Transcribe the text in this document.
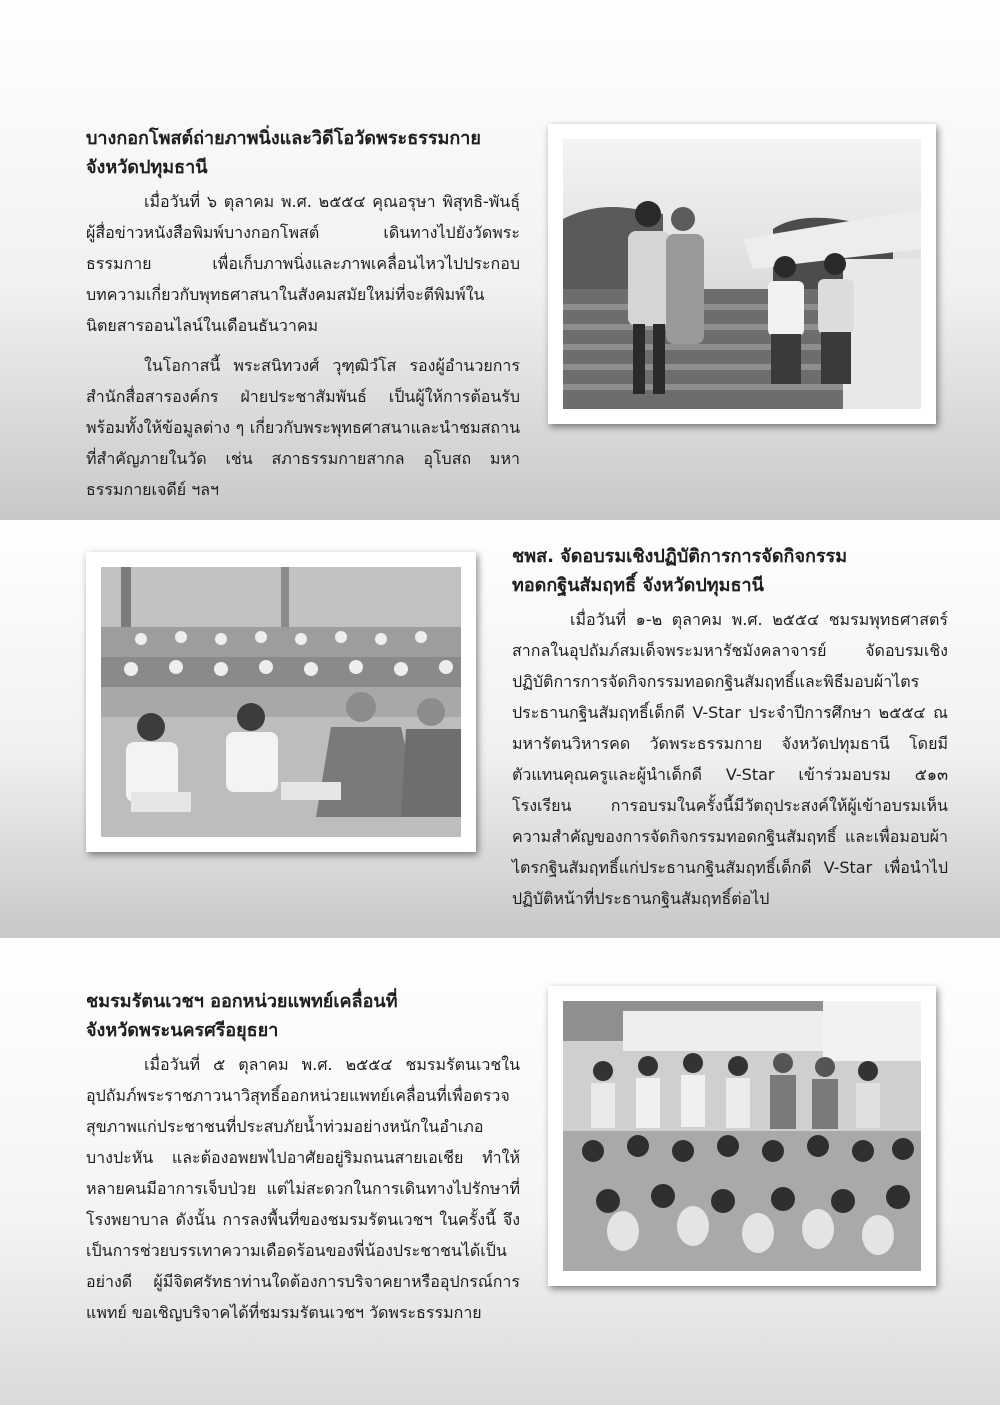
บางกอกโพสต์ถ่ายภาพนิ่งและวิดีโอวัดพระธรรมกาย
จังหวัดปทุมธานี

เมื่อวันที่ ๖ ตุลาคม พ.ศ. ๒๕๕๔ คุณอรุษา พิสุทธิ-พันธุ์ ผู้สื่อข่าวหนังสือพิมพ์บางกอกโพสต์ เดินทางไปยังวัดพระธรรมกาย เพื่อเก็บภาพนิ่งและภาพเคลื่อนไหวไปประกอบบทความเกี่ยวกับพุทธศาสนาในสังคมสมัยใหม่ที่จะตีพิมพ์ในนิตยสารออนไลน์ในเดือนธันวาคม

ในโอกาสนี้ พระสนิทวงศ์ วุฑฺฒิวํโส รองผู้อำนวยการสำนักสื่อสารองค์กร ฝ่ายประชาสัมพันธ์ เป็นผู้ให้การต้อนรับ พร้อมทั้งให้ข้อมูลต่าง ๆ เกี่ยวกับพระพุทธศาสนาและนำชมสถานที่สำคัญภายในวัด เช่น สภาธรรมกายสากล อุโบสถ มหาธรรมกายเจดีย์ ฯลฯ

ชพส. จัดอบรมเชิงปฏิบัติการการจัดกิจกรรม
ทอดกฐินสัมฤทธิ์ จังหวัดปทุมธานี

เมื่อวันที่ ๑-๒ ตุลาคม พ.ศ. ๒๕๕๔ ชมรมพุทธศาสตร์สากลในอุปถัมภ์สมเด็จพระมหารัชมังคลาจารย์ จัดอบรมเชิงปฏิบัติการการจัดกิจกรรมทอดกฐินสัมฤทธิ์และพิธีมอบผ้าไตรประธานกฐินสัมฤทธิ์เด็กดี V-Star ประจำปีการศึกษา ๒๕๕๔ ณ มหารัตนวิหารคด วัดพระธรรมกาย จังหวัดปทุมธานี โดยมีตัวแทนคุณครูและผู้นำเด็กดี V-Star เข้าร่วมอบรม ๕๑๓ โรงเรียน การอบรมในครั้งนี้มีวัตถุประสงค์ให้ผู้เข้าอบรมเห็นความสำคัญของการจัดกิจกรรมทอดกฐินสัมฤทธิ์ และเพื่อมอบผ้าไตรกฐินสัมฤทธิ์แก่ประธานกฐินสัมฤทธิ์เด็กดี V-Star เพื่อนำไปปฏิบัติหน้าที่ประธานกฐินสัมฤทธิ์ต่อไป

ชมรมรัตนเวชฯ ออกหน่วยแพทย์เคลื่อนที่
จังหวัดพระนครศรีอยุธยา

เมื่อวันที่ ๕ ตุลาคม พ.ศ. ๒๕๕๔ ชมรมรัตนเวชในอุปถัมภ์พระราชภาวนาวิสุทธิ์ออกหน่วยแพทย์เคลื่อนที่เพื่อตรวจสุขภาพแก่ประชาชนที่ประสบภัยน้ำท่วมอย่างหนักในอำเภอบางปะหัน และต้องอพยพไปอาศัยอยู่ริมถนนสายเอเชีย ทำให้หลายคนมีอาการเจ็บป่วย แต่ไม่สะดวกในการเดินทางไปรักษาที่โรงพยาบาล ดังนั้น การลงพื้นที่ของชมรมรัตนเวชฯ ในครั้งนี้ จึงเป็นการช่วยบรรเทาความเดือดร้อนของพี่น้องประชาชนได้เป็นอย่างดี ผู้มีจิตศรัทธาท่านใดต้องการบริจาคยาหรืออุปกรณ์การแพทย์ ขอเชิญบริจาคได้ที่ชมรมรัตนเวชฯ วัดพระธรรมกาย
